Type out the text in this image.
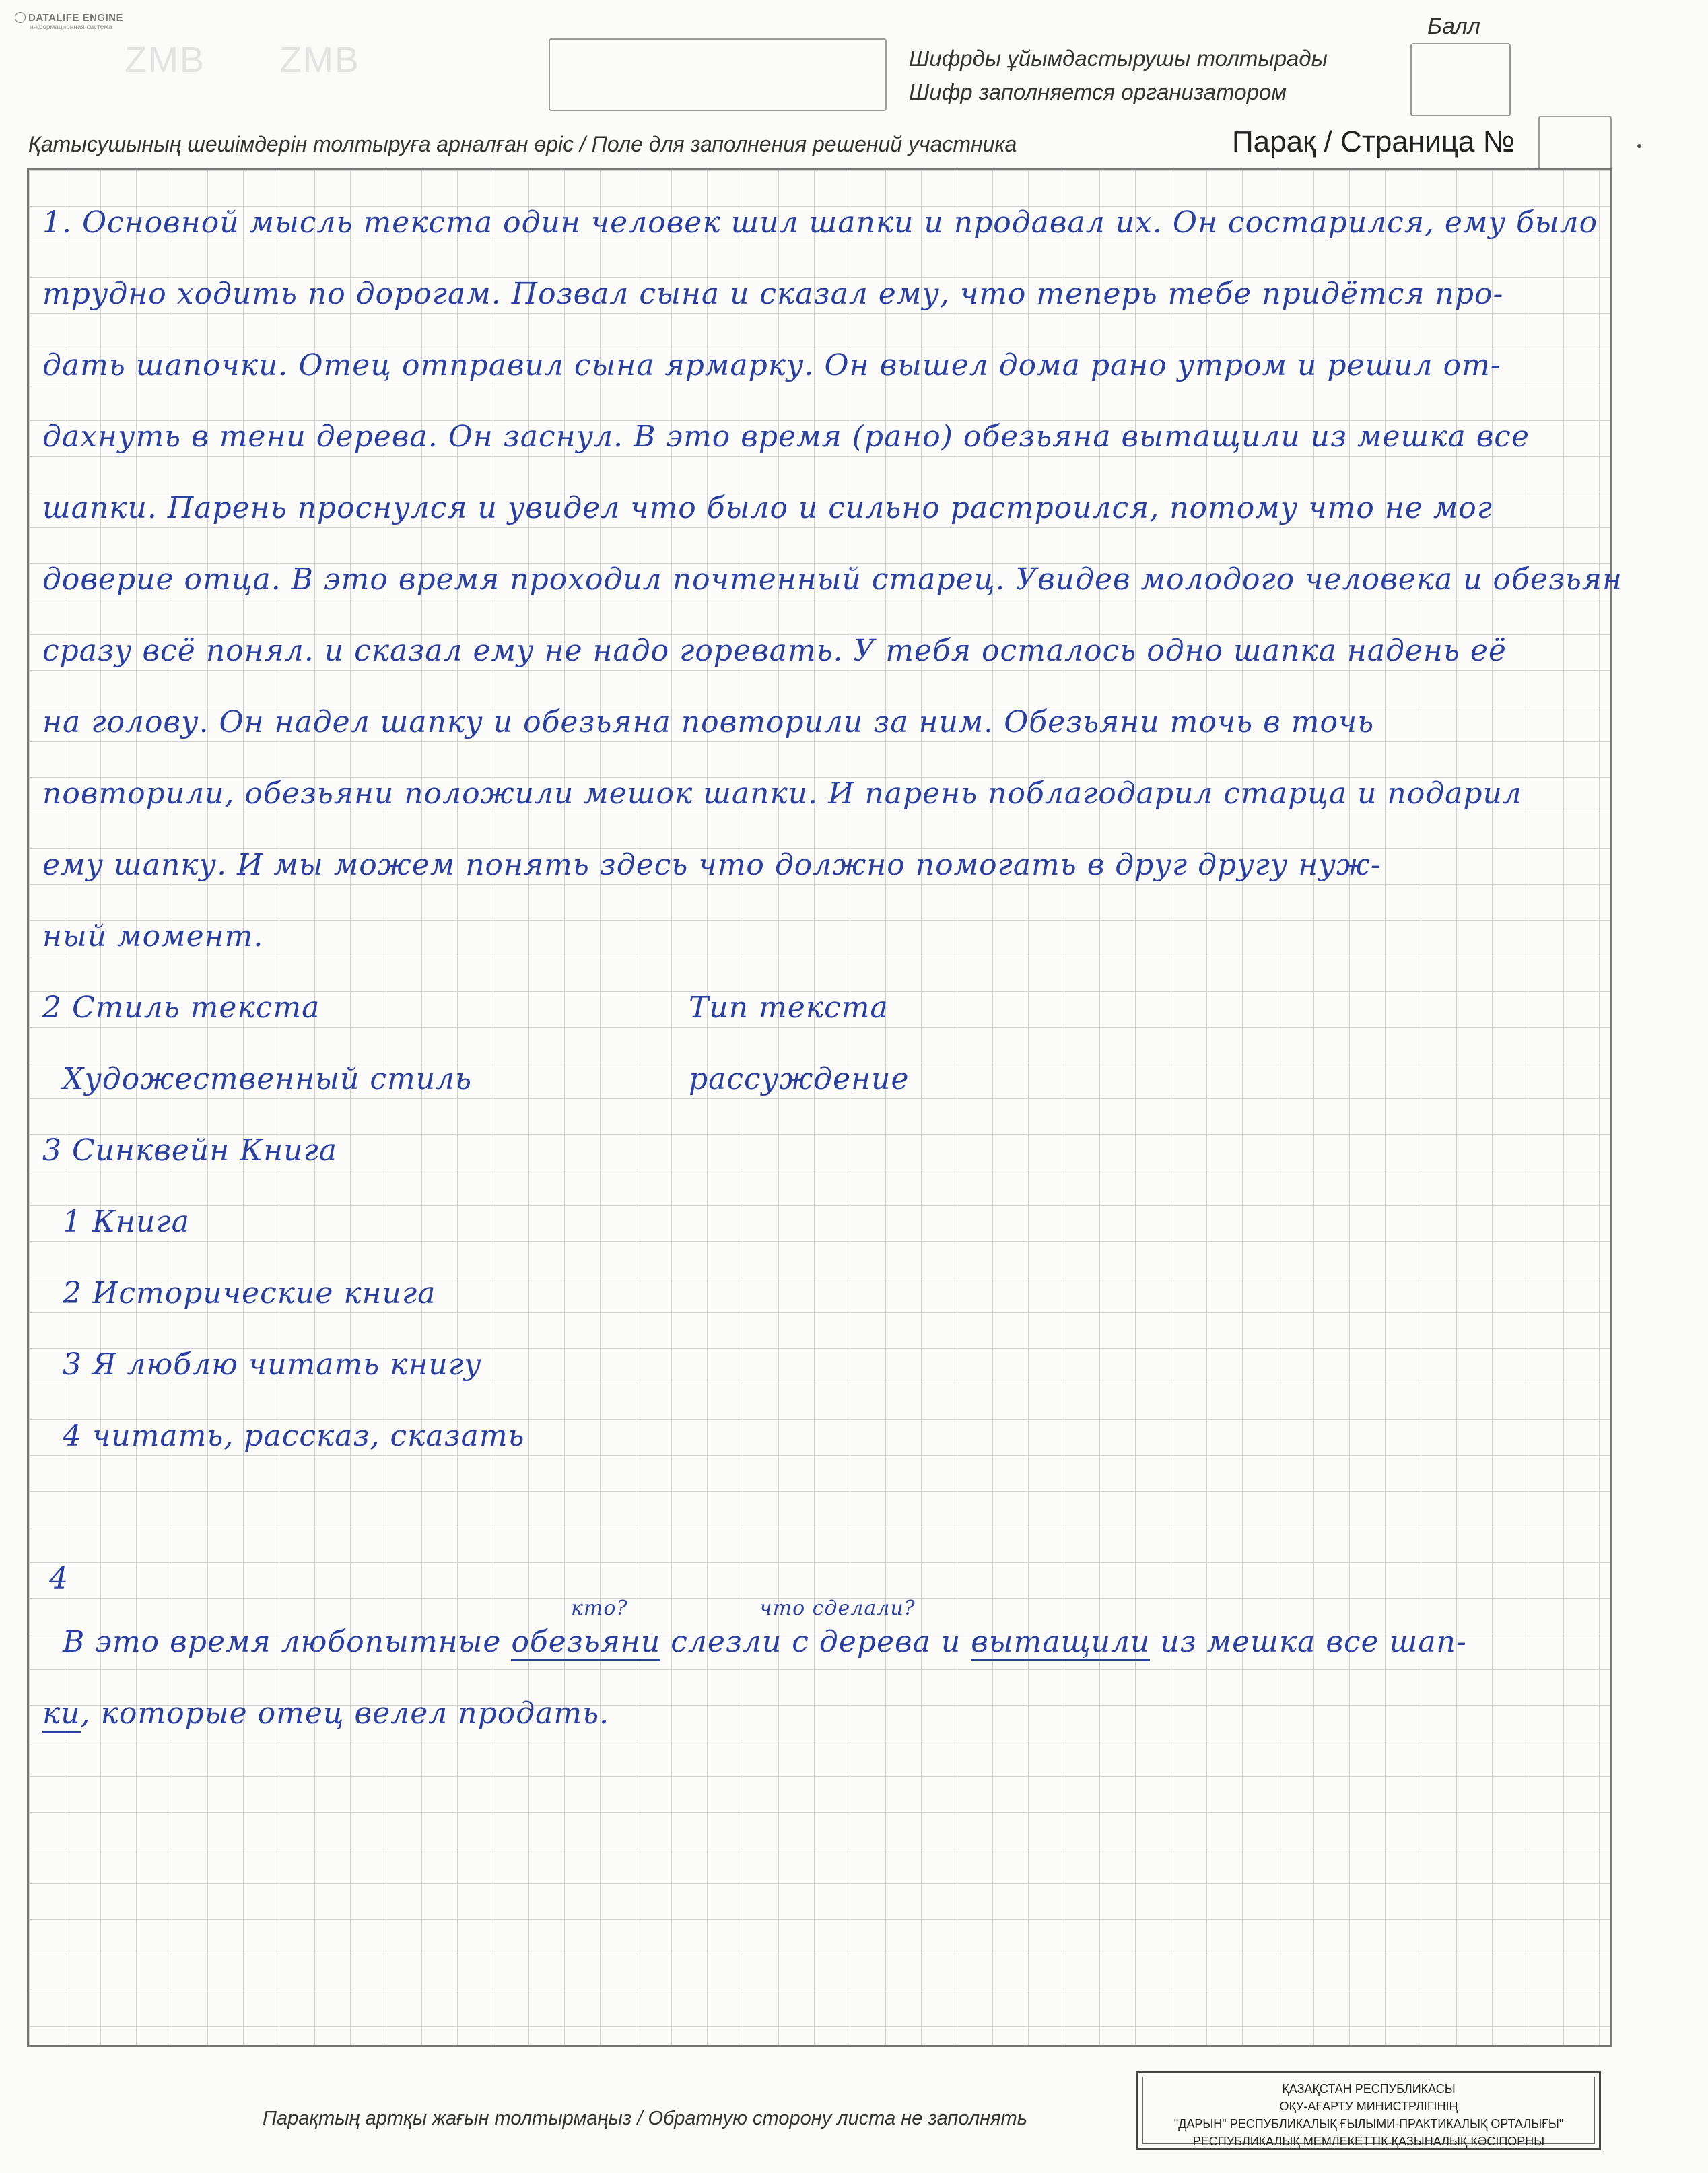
DATALIFE ENGINE
информационная система
ZMB ZMB	Шифрды ұйымдастырушы толтырады
Шифр заполняется организатором
Балл
Қатысушының шешімдерін толтыруға арналған өріс / Поле для заполнения решений участника	Парақ / Страница №
1. Основной мысль текста один человек шил шапки и продавал их. Он состарился, ему было
трудно ходить по дорогам. Позвал сына и сказал ему, что теперь тебе придётся про-
дать шапочки. Отец отправил сына ярмарку. Он вышел дома рано утром и решил от-
дахнуть в тени дерева. Он заснул. В это время (рано) обезьяна вытащили из мешка все
шапки. Парень проснулся и увидел что было и сильно растроился, потому что не мог
доверие отца. В это время проходил почтенный старец. Увидев молодого человека и обезьян
сразу всё понял. и сказал ему не надо горевать. У тебя осталось одно шапка надень её
на голову. Он надел шапку и обезьяна повторили за ним. Обезьяни точь в точь
повторили, обезьяни положили мешок шапки. И парень поблагодарил старца и подарил
ему шапку. И мы можем понять здесь что должно помогать в друг другу нуж-
ный момент.
2 Стиль текста	Тип текста
Художественный стиль	рассуждение
3 Синквейн Книга
1 Книга
2 Исторические книга
3 Я люблю читать книгу
4 читать, рассказ, сказать
4
кто?	что сделали?
В это время любопытные обезьяни слезли с дерева и вытащили из мешка все шап-
ки, которые отец велел продать.
Парақтың артқы жағын толтырмаңыз / Обратную сторону листа не заполнять
ҚАЗАҚСТАН РЕСПУБЛИКАСЫ
ОҚУ-АҒАРТУ МИНИСТРЛІГІНІҢ
"ДАРЫН" РЕСПУБЛИКАЛЫҚ ҒЫЛЫМИ-ПРАКТИКАЛЫҚ ОРТАЛЫҒЫ"
РЕСПУБЛИКАЛЫҚ МЕМЛЕКЕТТІК ҚАЗЫНАЛЫҚ КӘСІПОРНЫ
